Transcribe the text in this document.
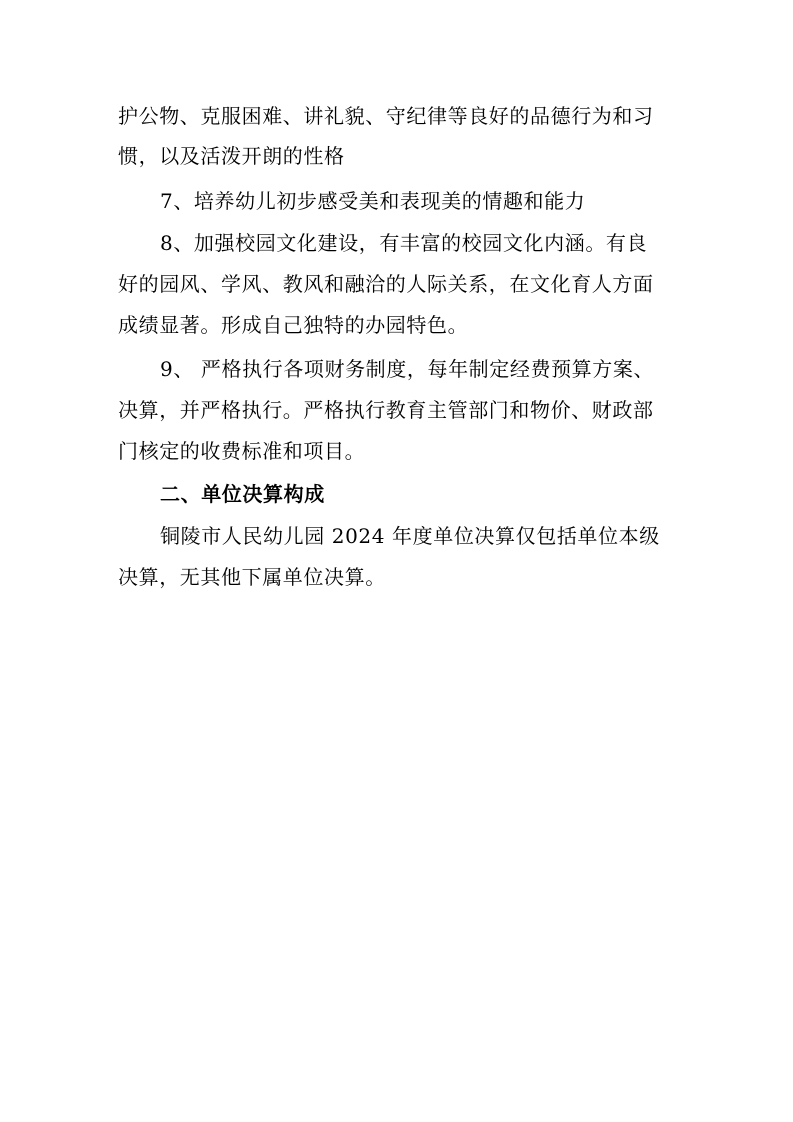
护公物、克服困难、讲礼貌、守纪律等良好的品德行为和习
惯，以及活泼开朗的性格
7、培养幼儿初步感受美和表现美的情趣和能力
8、加强校园文化建设，有丰富的校园文化内涵。有良
好的园风、学风、教风和融洽的人际关系，在文化育人方面
成绩显著。形成自己独特的办园特色。
9、 严格执行各项财务制度，每年制定经费预算方案、
决算，并严格执行。严格执行教育主管部门和物价、财政部
门核定的收费标准和项目。
二、单位决算构成
铜陵市人民幼儿园 2024 年度单位决算仅包括单位本级
决算，无其他下属单位决算。
